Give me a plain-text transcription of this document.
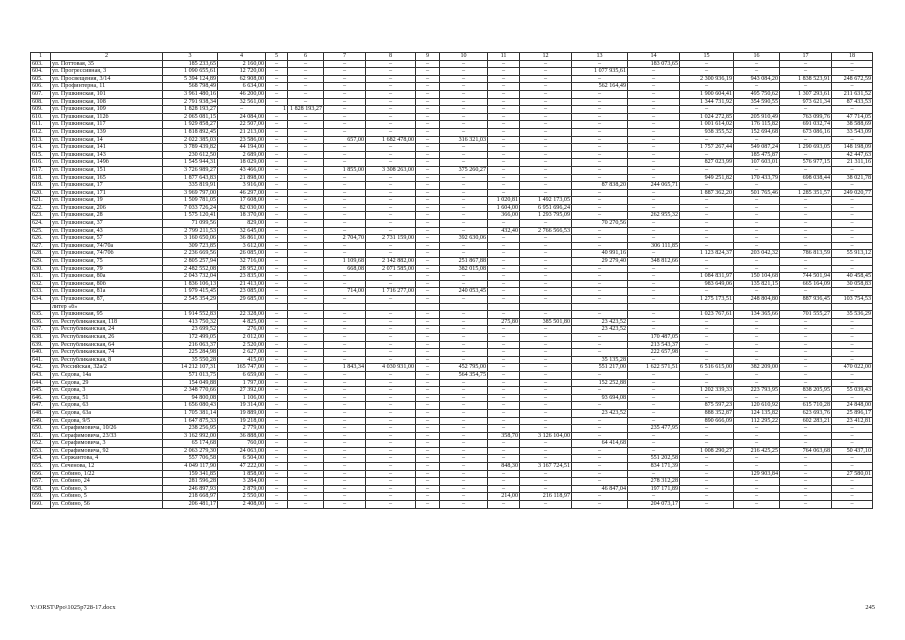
1	2	3	4	5	6	7	8	9	10	11	12	13	14	15	16	17	18
603.	ул. Поттовая, 35	185 233,65	2 160,00	–	–	–	–	–	–	–	–	–	183 073,65	–	–	–	–
604.	ул. Прогрессивная, 3	1 090 655,61	12 720,00	–	–	–	–	–	–	–	–	1 077 935,61	–	–	–	–	–
605.	ул. Просвещения, 3/14	5 394 124,89	62 908,00	–	–	–	–	–	–	–	–	–	–	2 300 936,19	943 084,20	1 838 523,91	248 672,59
606.	ул. Профинтерна, 11	568 798,49	6 634,00	–	–	–	–	–	–	–	–	562 164,49	–	–	–	–	–
607.	ул. Пушкинская, 101	3 961 480,16	46 200,00	–	–	–	–	–	–	–	–	–	–	1 900 604,41	495 750,62	1 307 293,61	211 631,52
608.	ул. Пушкинская, 108	2 791 938,34	32 561,00	–	–	–	–	–	–	–	–	–	–	1 344 731,92	354 590,55	973 621,34	87 433,53
609.	ул. Пушкинская, 109	1 828 193,27	–	1	1 828 193,27	–	–	–	–	–	–	–	–	–	–	–	–
610.	ул. Пушкинская, 112б	2 065 081,15	24 084,00	–	–	–	–	–	–	–	–	–	–	1 024 272,85	205 910,49	763 099,76	47 714,05
611.	ул. Пушкинская, 117	1 929 858,27	22 507,00	–	–	–	–	–	–	–	–	–	–	1 001 614,02	176 115,82	691 032,74	38 588,69
612.	ул. Пушкинская, 139	1 818 892,45	21 213,00	–	–	–	–	–	–	–	–	–	–	938 355,52	152 694,68	673 086,16	33 543,09
613.	ул. Пушкинская, 14	2 022 385,03	23 586,00	–	–	657,00	1 682 478,00	–	316 321,03	–	–	–	–	–	–	–	–
614.	ул. Пушкинская, 141	3 789 439,82	44 194,00	–	–	–	–	–	–	–	–	–	–	1 757 267,44	549 087,24	1 290 693,05	148 198,09
615.	ул. Пушкинская, 143	230 612,50	2 689,00	–	–	–	–	–	–	–	–	–	–	–	185 475,87	–	42 447,63
616.	ул. Пушкинская, 149б	1 545 944,31	18 029,00	–	–	–	–	–	–	–	–	–	–	827 023,99	107 603,01	576 977,15	21 311,16
617.	ул. Пушкинская, 151	3 726 989,27	43 466,00	–	–	1 855,00	3 308 263,00	–	375 260,27	–	–	–	–	–	–	–	–
618.	ул. Пушкинская, 165	1 877 643,83	21 898,00	–	–	–	–	–	–	–	–	–	–	949 251,82	170 433,79	698 038,44	38 021,78
619.	ул. Пушкинская, 17	335 819,91	3 916,00	–	–	–	–	–	–	–	–	87 838,20	244 065,71	–	–	–	–
620.	ул. Пушкинская, 171	3 969 797,00	46 297,00	–	–	–	–	–	–	–	–	–	–	1 887 362,20	501 765,46	1 285 351,57	249 020,77
621.	ул. Пушкинская, 19	1 509 781,05	17 608,00	–	–	–	–	–	–	1 020,81	1 492 173,05	–	–	–	–	–	–
622.	ул. Пушкинская, 206	7 033 726,24	82 030,00	–	–	–	–	–	–	1 604,00	6 951 696,24	–	–	–	–	–	–
623.	ул. Пушкинская, 28	1 575 120,41	18 370,00	–	–	–	–	–	–	366,00	1 293 795,09	–	262 955,32	–	–	–	–
624.	ул. Пушкинская, 37	71 099,56	829,00	–	–	–	–	–	–	–	–	70 270,56	–	–	–	–	–
625.	ул. Пушкинская, 43	2 799 211,53	32 645,00	–	–	–	–	–	–	432,40	2 766 566,53	–	–	–	–	–	–
626.	ул. Пушкинская, 57	3 160 650,06	36 861,00	–	–	2 704,70	2 731 159,00	–	392 630,06	–	–	–	–	–	–	–	–
627.	ул. Пушкинская, 74/70а	309 723,85	3 612,00	–	–	–	–	–	–	–	–	–	306 111,85	–	–	–	–
628.	ул. Пушкинская, 74/70б	2 236 669,56	26 085,00	–	–	–	–	–	–	–	–	40 991,16	–	1 123 824,37	203 042,32	786 813,59	55 913,12
629.	ул. Пушкинская, 75	2 805 257,94	32 716,00	–	–	1 109,68	2 142 882,00	–	251 867,88	–	–	29 279,40	348 812,66	–	–	–	–
630.	ул. Пушкинская, 79	2 482 552,08	28 952,00	–	–	668,08	2 071 585,00	–	382 015,08	–	–	–	–	–	–	–	–
631.	ул. Пушкинская, 80а	2 043 732,04	23 835,00	–	–	–	–	–	–	–	–	–	–	1 084 831,97	150 104,68	744 501,94	40 458,45
632.	ул. Пушкинская, 80б	1 836 106,13	21 413,00	–	–	–	–	–	–	–	–	–	–	983 649,06	135 821,15	665 164,09	30 058,83
633.	ул. Пушкинская, 81а	1 979 415,45	23 085,00	–	–	714,00	1 716 277,00	–	240 053,45	–	–	–	–	–	–	–	–
634.	ул. Пушкинская, 87,	2 545 354,29	29 685,00	–	–	–	–	–	–	–	–	–	–	1 275 173,51	248 804,80	887 936,45	103 754,53
	литер «б»																
635.	ул. Пушкинская, 95	1 914 552,83	22 328,00	–	–	–	–	–	–	–	–	–	–	1 023 767,61	134 365,66	701 555,27	35 536,29
636.	ул. Республиканская, 118	413 750,32	4 825,00	–	–	–	–	–	–	275,80	385 501,80	23 423,52	–	–	–	–	–
637.	ул. Республиканская, 24	23 699,52	276,00	–	–	–	–	–	–	–	–	23 423,52	–	–	–	–	–
638.	ул. Республиканская, 26	172 499,05	2 012,00	–	–	–	–	–	–	–	–	–	170 487,05	–	–	–	–
639.	ул. Республиканская, 64	216 063,37	2 520,00	–	–	–	–	–	–	–	–	–	213 543,37	–	–	–	–
640.	ул. Республиканская, 74	225 284,98	2 627,00	–	–	–	–	–	–	–	–	–	222 657,98	–	–	–	–
641.	ул. Республиканская, 8	35 550,28	415,00	–	–	–	–	–	–	–	–	35 135,28	–	–	–	–	–
642.	ул. Российская, 32а/2	14 212 107,31	165 747,00	–	–	1 843,34	4 030 931,00	–	452 795,00	–	–	551 217,00	1 622 571,51	6 516 615,00	382 209,00	–	470 022,00
643.	ул. Седова, 14а	571 013,75	6 659,00	–	–	–	–	–	564 354,75	–	–	–	–	–	–	–	–
644.	ул. Седова, 29	154 049,88	1 797,00	–	–	–	–	–	–	–	–	152 252,88	–	–	–	–	–
645.	ул. Седова, 3	2 348 770,66	27 392,00	–	–	–	–	–	–	–	–	–	–	1 202 339,33	223 793,95	838 205,95	55 039,43
646.	ул. Седова, 51	94 800,08	1 106,00	–	–	–	–	–	–	–	–	93 694,08	–	–	–	–	–
647.	ул. Седова, 63	1 656 080,43	19 314,00	–	–	–	–	–	–	–	–	–	–	875 597,23	120 610,92	615 710,28	24 848,00
648.	ул. Седова, 63а	1 705 381,14	19 889,00	–	–	–	–	–	–	–	–	23 423,52	–	888 352,87	124 135,82	623 693,76	25 896,17
649.	ул. Седова, 9/5	1 647 875,33	19 218,00	–	–	–	–	–	–	–	–	–	–	890 666,09	112 295,22	602 283,21	23 412,81
650.	ул. Серафимовича, 10/26	238 256,95	2 779,00	–	–	–	–	–	–	–	–	–	235 477,95	–	–	–	–
651.	ул. Серафимовича, 23/33	3 162 992,00	36 888,00	–	–	–	–	–	–	358,70	3 126 104,00	–	–	–	–	–	–
652.	ул. Серафимовича, 3	65 174,68	760,00	–	–	–	–	–	–	–	–	64 414,68	–	–	–	–	–
653.	ул. Серафимовича, 92	2 063 279,30	24 063,00	–	–	–	–	–	–	–	–	–	–	1 008 290,27	216 425,25	764 063,68	50 437,10
654.	ул. Сержантова, 4	557 706,58	6 504,00	–	–	–	–	–	–	–	–	–	551 202,58	–	–	–	–
655.	ул. Сеченова, 12	4 049 117,90	47 222,00	–	–	–	–	–	–	848,30	3 167 724,51	–	834 171,39	–	–	–	–
656.	ул. Собино, 1/22	159 341,85	1 858,00	–	–	–	–	–	–	–	–	–	–	–	129 903,84	–	27 580,01
657.	ул. Собино, 24	281 596,28	3 284,00	–	–	–	–	–	–	–	–	–	278 312,28	–	–	–	–
658.	ул. Собино, 3	246 897,93	2 879,00	–	–	–	–	–	–	–	–	46 847,04	197 171,89	–	–	–	–
659.	ул. Собино, 5	218 668,97	2 550,00	–	–	–	–	–	–	214,00	216 118,97	–	–	–	–	–	–
660.	ул. Собино, 56	206 481,17	2 408,00	–	–	–	–	–	–	–	–	–	204 073,17	–	–	–	–
Y:\ORST\Ppo\1025p728-17.docx	245
